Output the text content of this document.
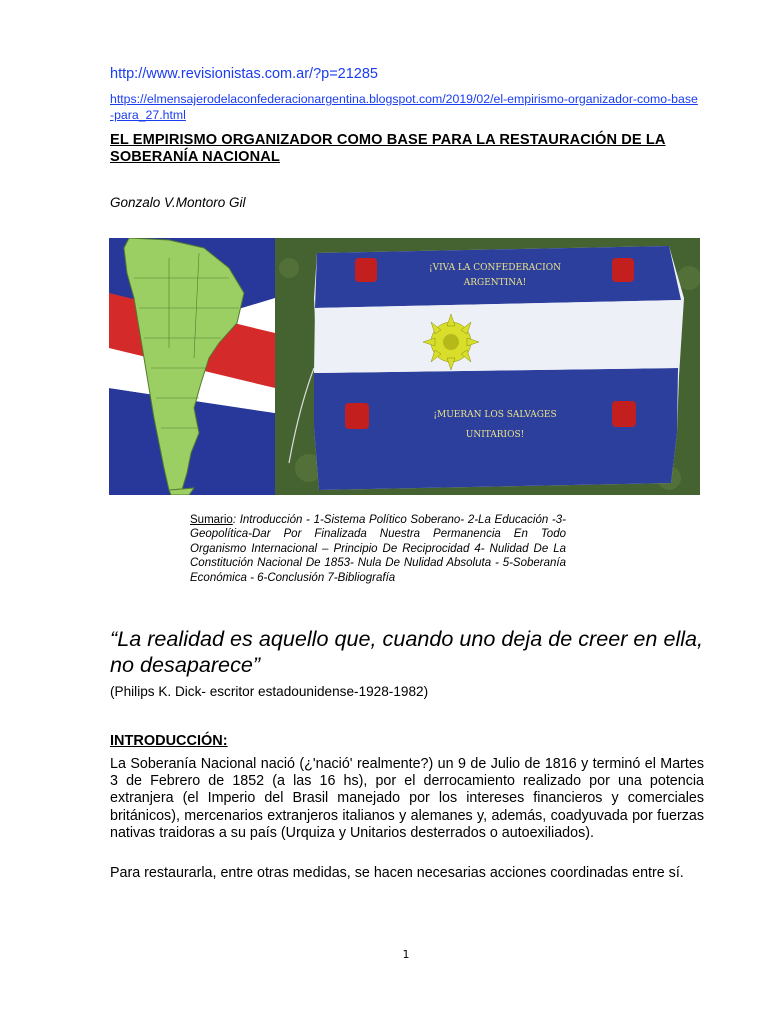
http://www.revisionistas.com.ar/?p=21285
https://elmensajerodelaconfederacionargentina.blogspot.com/2019/02/el-empirismo-organizador-como-base-para_27.html
EL EMPIRISMO ORGANIZADOR COMO BASE PARA LA RESTAURACIÓN DE LA SOBERANÍA NACIONAL
Gonzalo V.Montoro Gil
¡VIVA LA CONFEDERACION
ARGENTINA!
¡MUERAN LOS SALVAGES
UNITARIOS!
Sumario: Introducción - 1-Sistema Político Soberano- 2-La Educación -3-Geopolítica-Dar Por Finalizada Nuestra Permanencia En Todo Organismo Internacional – Principio De Reciprocidad 4- Nulidad De La Constitución Nacional De 1853- Nula De Nulidad Absoluta - 5-Soberanía Económica - 6-Conclusión 7-Bibliografía
“La realidad es aquello que, cuando uno deja de creer en ella, no desaparece”
(Philips K. Dick- escritor estadounidense-1928-1982)
INTRODUCCIÓN:
La Soberanía Nacional nació (¿'nació' realmente?) un 9 de Julio de 1816 y terminó el Martes 3 de Febrero de 1852 (a las 16 hs), por el derrocamiento realizado por una potencia extranjera (el Imperio del Brasil manejado por los intereses financieros y comerciales británicos), mercenarios extranjeros italianos y alemanes y, además, coadyuvada por fuerzas nativas traidoras a su país (Urquiza y Unitarios desterrados o autoexiliados).
Para restaurarla, entre otras medidas, se hacen necesarias acciones coordinadas entre sí.
1
